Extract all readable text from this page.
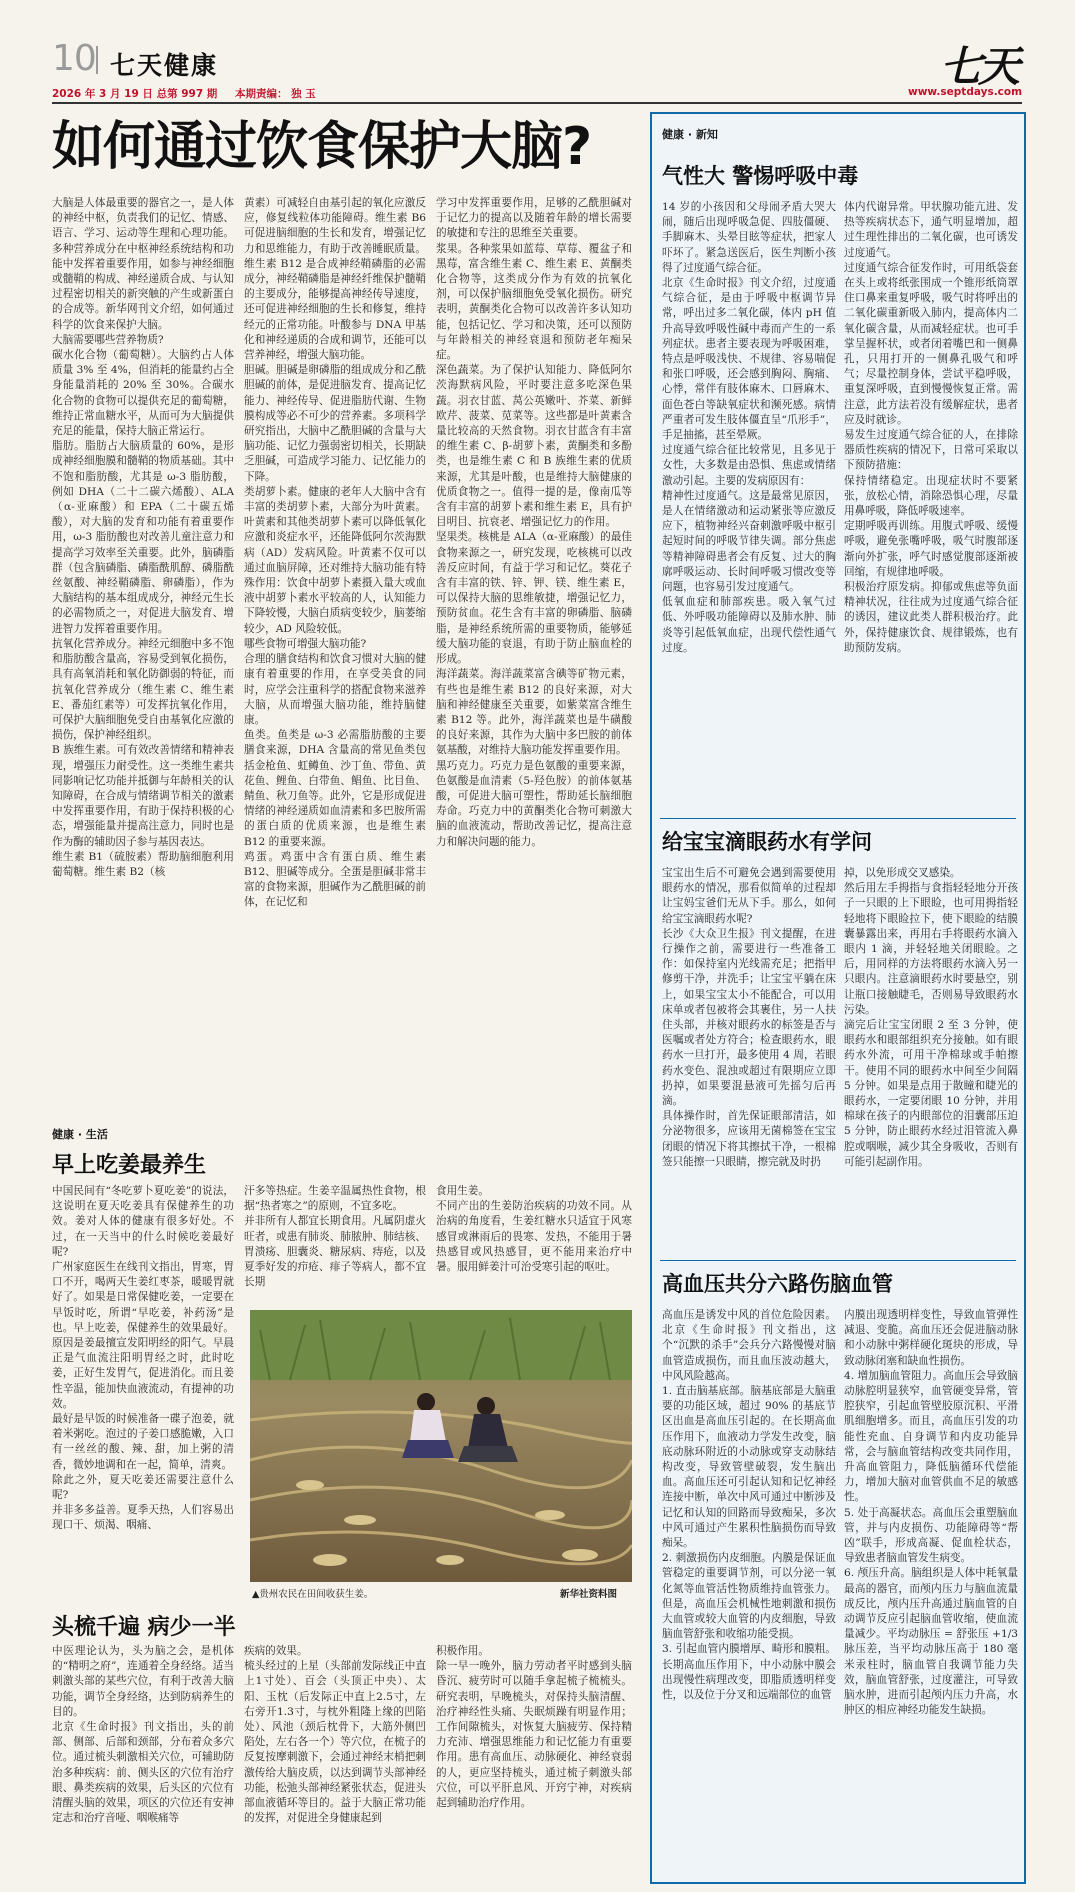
10 七天健康
2026 年 3 月 19 日 总第 997 期 本期责编： 独 玉
七天
www.septdays.com
如何通过饮食保护大脑?
大脑是人体最重要的器官之一，是人体的神经中枢，负责我们的记忆、情感、语言、学习、运动等生理和心理功能。多种营养成分在中枢神经系统结构和功能中发挥着重要作用，如参与神经细胞或髓鞘的构成、神经递质合成、与认知过程密切相关的新突触的产生或新蛋白的合成等。新华网刊文介绍，如何通过科学的饮食来保护大脑。
大脑需要哪些营养物质?
碳水化合物（葡萄糖）。大脑约占人体质量 3% 至 4%，但消耗的能量约占全身能量消耗的 20% 至 30%。合碳水化合物的食物可以提供充足的葡萄糖，维持正常血糖水平，从而可为大脑提供充足的能量，保持大脑正常运行。
脂肪。脂肪占大脑质量的 60%，是形成神经细胞膜和髓鞘的物质基础。其中不饱和脂肪酸，尤其是 ω-3 脂肪酸，例如 DHA（二十二碳六烯酸）、ALA（α-亚麻酸）和 EPA（二十碳五烯酸），对大脑的发育和功能有着重要作用，ω-3 脂肪酸也对改善儿童注意力和提高学习效率至关重要。此外，脑磷脂群（包含脑磷脂、磷脂酰肌醇、磷脂酰丝氨酸、神经鞘磷脂、卵磷脂），作为大脑结构的基本组成成分，神经元生长的必需物质之一，对促进大脑发育、增进智力发挥着重要作用。
抗氧化营养成分。神经元细胞中多不饱和脂肪酸含量高，容易受到氧化损伤，具有高氧消耗和氧化防御弱的特征，而抗氧化营养成分（维生素 C、维生素 E、番茄红素等）可发挥抗氧化作用，可保护大脑细胞免受自由基氧化应激的损伤，保护神经组织。
B 族维生素。可有效改善情绪和精神表现，增强压力耐受性。这一类维生素共同影响记忆功能并抵御与年龄相关的认知障碍，在合成与情绪调节相关的激素中发挥重要作用，有助于保持积极的心态，增强能量并提高注意力，同时也是作为酶的辅助因子参与基因表达。
维生素 B1（硫胺素）帮助脑细胞利用葡萄糖。维生素 B2（核
黄素）可减轻自由基引起的氧化应激反应，修复线粒体功能障碍。维生素 B6 可促进脑细胞的生长和发育，增强记忆力和思维能力，有助于改善睡眠质量。维生素 B12 是合成神经鞘磷脂的必需成分，神经鞘磷脂是神经纤维保护髓鞘的主要成分，能够提高神经传导速度，还可促进神经细胞的生长和修复，维持经元的正常功能。叶酸参与 DNA 甲基化和神经递质的合成和调节，还能可以营养神经，增强大脑功能。
胆碱。胆碱是卵磷脂的组成成分和乙酰胆碱的前体，是促进脑发育、提高记忆能力、神经传导、促进脂肪代谢、生物膜构成等必不可少的营养素。多项科学研究指出，大脑中乙酰胆碱的含量与大脑功能、记忆力强弱密切相关，长期缺乏胆碱，可造成学习能力、记忆能力的下降。
类胡萝卜素。健康的老年人大脑中含有丰富的类胡萝卜素，大部分为叶黄素。叶黄素和其他类胡萝卜素可以降低氧化应激和炎症水平，还能降低阿尔茨海默病（AD）发病风险。叶黄素不仅可以通过血脑屏障，还对维持大脑功能有特殊作用：饮食中胡萝卜素摄入量大或血液中胡萝卜素水平较高的人，认知能力下降较慢，大脑白质病变较少，脑萎缩较少，AD 风险较低。
哪些食物可增强大脑功能?
合理的膳食结构和饮食习惯对大脑的健康有着重要的作用，在享受美食的同时，应学会注重科学的搭配食物来滋养大脑，从而增强大脑功能，维持脑健康。
鱼类。鱼类是 ω-3 必需脂肪酸的主要膳食来源，DHA 含量高的常见鱼类包括金枪鱼、虹鳟鱼、沙丁鱼、带鱼、黄花鱼、鲤鱼、白带鱼、鲳鱼、比目鱼、鲭鱼、秋刀鱼等。此外，它是形成促进情绪的神经递质如血清素和多巴胺所需的蛋白质的优质来源，也是维生素 B12 的重要来源。
鸡蛋。鸡蛋中含有蛋白质、维生素 B12、胆碱等成分。全蛋是胆碱非常丰富的食物来源，胆碱作为乙酰胆碱的前体，在记忆和
学习中发挥重要作用，足够的乙酰胆碱对于记忆力的提高以及随着年龄的增长需要的敏捷和专注的思维至关重要。
浆果。各种浆果如蓝莓、草莓、覆盆子和黑莓，富含维生素 C、维生素 E、黄酮类化合物等，这类成分作为有效的抗氧化剂，可以保护脑细胞免受氧化损伤。研究表明，黄酮类化合物可以改善许多认知功能，包括记忆、学习和决策，还可以预防与年龄相关的神经衰退和预防老年痴呆症。
深色蔬菜。为了保护认知能力、降低阿尔茨海默病风险，平时要注意多吃深色果蔬。羽衣甘蓝、莴公英嫩叶、芥菜、新鲜欧芹、菠菜、苋菜等。这些都是叶黄素含量比较高的天然食物。羽衣甘蓝含有丰富的维生素 C、β-胡萝卜素，黄酮类和多酚类，也是维生素 C 和 B 族维生素的优质来源，尤其是叶酸，也是维持大脑健康的优质食物之一。值得一提的是，像南瓜等含有丰富的胡萝卜素和维生素 E，具有护目明目、抗衰老、增强记忆力的作用。
坚果类。核桃是 ALA（α-亚麻酸）的最佳食物来源之一，研究发现，吃核桃可以改善反应时间，有益于学习和记忆。葵花子含有丰富的铁、锌、钾、镁、维生素 E，可以保持大脑的思维敏捷，增强记忆力，预防贫血。花生含有丰富的卵磷脂、脑磷脂，是神经系统所需的重要物质，能够延缓大脑功能的衰退，有助于防止脑血栓的形成。
海洋蔬菜。海洋蔬菜富含碘等矿物元素，有些也是维生素 B12 的良好来源，对大脑和神经健康至关重要，如紫菜富含维生素 B12 等。此外，海洋蔬菜也是牛磺酸的良好来源，其作为大脑中多巴胺的前体氨基酸，对维持大脑功能发挥重要作用。
黑巧克力。巧克力是色氨酸的重要来源，色氨酸是血清素（5-羟色胺）的前体氨基酸，可促进大脑可塑性，帮助延长脑细胞寿命。巧克力中的黄酮类化合物可刺激大脑的血液流动，帮助改善记忆，提高注意力和解决问题的能力。
健康 · 生活
早上吃姜最养生
中国民间有“冬吃萝卜夏吃姜”的说法，这说明在夏天吃姜具有保健养生的功效。姜对人体的健康有很多好处。不过，在一天当中的什么时候吃姜最好呢?
广州家庭医生在线刊文指出，胃寒，胃口不开，喝两天生姜红枣茶，暖暖胃就好了。如果是日常保健吃姜，一定要在早饭时吃，所谓“早吃姜，补药汤”是也。早上吃姜，保健养生的效果最好。原因是姜最擅宣发阳明经的阳气。早晨正是气血流注阳明胃经之时，此时吃姜，正好生发胃气，促进消化。而且姜性辛温，能加快血液流动，有提神的功效。
最好是早饭的时候准备一碟子泡姜，就着米粥吃。泡过的子姜口感脆嫩，入口有一丝丝的酸、辣、甜，加上粥的清香，微妙地调和在一起，简单，清爽。
除此之外，夏天吃姜还需要注意什么呢?
并非多多益善。夏季天热，人们容易出现口干、烦渴、咽痛、
汗多等热症。生姜辛温属热性食物，根据“热者寒之”的原则，不宜多吃。
并非所有人都宜长期食用。凡属阴虚火旺者，或患有肺炎、肺脓肿、肺结核、胃溃疡、胆囊炎、糖尿病、痔疮，以及夏季好发的疖疮、痱子等病人，都不宜长期
食用生姜。
不同产出的生姜防治疾病的功效不同。从治病的角度看，生姜红糖水只适宜于风寒感冒或淋雨后的畏寒、发热，不能用于暑热感冒或风热感冒，更不能用来治疗中暑。服用鲜姜汁可治受寒引起的呕吐。
▲贵州农民在田间收获生姜。	新华社资料图
头梳千遍 病少一半
中医理论认为，头为脑之会，是机体的“精明之府”，连通着全身经络。适当刺激头部的某些穴位，有利于改善大脑功能，调节全身经络，达到防病养生的目的。
北京《生命时报》刊文指出，头的前部、侧部、后部和颈部，分布着众多穴位。通过梳头刺激相关穴位，可辅助防治多种疾病：前、侧头区的穴位有治疗眼、鼻类疾病的效果，后头区的穴位有清醒头脑的效果，项区的穴位还有安神定志和治疗音哑、咽喉痛等
疾病的效果。
梳头经过的上星（头部前发际线正中直上1寸处）、百会（头顶正中央）、太阳、玉枕（后发际正中直上2.5寸，左右旁开1.3寸，与枕外粗隆上缘的凹陷处）、风池（颈后枕骨下，大筋外侧凹陷处，左右各一个）等穴位，在梳子的反复按摩刺激下，会通过神经末梢把刺激传给大脑皮质，以达到调节头部神经功能，松弛头部神经紧张状态，促进头部血液循环等目的。益于大脑正常功能的发挥，对促进全身健康起到
积极作用。
除一早一晚外，脑力劳动者平时感到头脑昏沉、疲劳时可以随手拿起梳子梳梳头。研究表明，早晚梳头，对保持头脑清醒、治疗神经性头痛、失眠烦躁有明显作用；工作间隙梳头，对恢复大脑疲劳、保持精力充沛、增强思维能力和记忆能力有重要作用。患有高血压、动脉硬化、神经衰弱的人，更应坚持梳头，通过梳子刺激头部穴位，可以平肝息风、开窍宁神，对疾病起到辅助治疗作用。
健康 · 新知
气性大 警惕呼吸中毒
14 岁的小孩因和父母闹矛盾大哭大闹，随后出现呼吸急促、四肢僵硬、手脚麻木、头晕目眩等症状，把家人吓坏了。紧急送医后，医生判断小孩得了过度通气综合征。
北京《生命时报》刊文介绍，过度通气综合征，是由于呼吸中枢调节异常，呼出过多二氧化碳，体内 pH 值升高导致呼吸性碱中毒而产生的一系列症状。患者主要表现为呼吸困难，特点是呼吸浅快、不规律、容易喘促和张口呼吸，还会感到胸闷、胸痛、心悸，常伴有肢体麻木、口唇麻木、面色苍白等缺氧症状和濒死感。病情严重者可发生肢体僵直呈“爪形手”，手足抽搐，甚至晕厥。
过度通气综合征比较常见，且多见于女性，大多数是由恐惧、焦虑或情绪激动引起。主要的发病原因有：
精神性过度通气。这是最常见原因，是人在情绪激动和运动紧张等应激反应下，植物神经兴奋刺激呼吸中枢引起短时间的呼吸节律失调。部分焦虑等精神障碍患者会有反复、过大的胸廓呼吸运动、长时间呼吸习惯改变等问题，也容易引发过度通气。
低氧血症和肺部疾患。吸入氧气过低、外呼吸功能障碍以及肺水肿、肺炎等引起低氧血症，出现代偿性通气过度。
体内代谢异常。甲状腺功能亢进、发热等疾病状态下，通气明显增加，超过生理性排出的二氧化碳，也可诱发过度通气。
过度通气综合征发作时，可用纸袋套在头上或将纸张围成一个锥形纸筒罩住口鼻来重复呼吸，吸气时将呼出的二氧化碳重新吸入肺内，提高体内二氧化碳含量，从而减轻症状。也可手掌呈握杯状，或者闭着嘴巴和一侧鼻孔，只用打开的一侧鼻孔吸气和呼气；尽量控制身体，尝试平稳呼吸，重复深呼吸，直到慢慢恢复正常。需注意，此方法若没有缓解症状，患者应及时就诊。
易发生过度通气综合征的人，在排除器质性疾病的情况下，日常可采取以下预防措施：
保持情绪稳定。出现症状时不要紧张，放松心情，消除恐惧心理，尽量用鼻呼吸，降低呼吸速率。
定期呼吸再训练。用腹式呼吸、缓慢呼吸，避免张嘴呼吸，吸气时腹部逐渐向外扩张，呼气时感觉腹部逐渐被回缩，有规律地呼吸。
积极治疗原发病。抑郁或焦虑等负面精神状况，往往成为过度通气综合征的诱因，建议此类人群积极治疗。此外，保持健康饮食、规律锻炼，也有助预防发病。
给宝宝滴眼药水有学问
宝宝出生后不可避免会遇到需要使用眼药水的情况，那看似简单的过程却让宝妈宝爸们无从下手。那么，如何给宝宝滴眼药水呢?
长沙《大众卫生报》刊文提醒，在进行操作之前，需要进行一些准备工作：如保持室内光线需充足；把指甲修剪干净，并洗手；让宝宝平躺在床上，如果宝宝太小不能配合，可以用床单或者包被将会其裹住，另一人扶住头部，并核对眼药水的标签是否与医嘱或者处方符合；检查眼药水，眼药水一旦打开，最多使用 4 周，若眼药水变色、混浊或超过有限期应立即扔掉，如果要混悬液可先摇匀后再滴。
具体操作时，首先保证眼部清洁，如分泌物很多，应该用无菌棉签在宝宝闭眼的情况下将其擦拭干净，一根棉签只能擦一只眼睛，擦完就及时扔
掉，以免形成交叉感染。
然后用左手拇指与食指轻轻地分开孩子一只眼的上下眼睑，也可用拇指轻轻地将下眼睑拉下，使下眼睑的结膜囊暴露出来，再用右手将眼药水滴入眼内 1 滴，并轻轻地关闭眼睑。之后，用同样的方法将眼药水滴入另一只眼内。注意滴眼药水时要悬空，别让瓶口接触睫毛，否则易导致眼药水污染。
滴完后让宝宝闭眼 2 至 3 分钟，使眼药水和眼部组织充分接触。如有眼药水外流，可用干净棉球或手帕擦干。使用不同的眼药水中间至少间隔 5 分钟。如果是点用于散瞳和睫光的眼药水，一定要闭眼 10 分钟，并用棉球在孩子的内眼部位的泪囊部压迫 5 分钟，防止眼药水经过泪管流入鼻腔或咽喉，减少其全身吸收，否则有可能引起副作用。
高血压共分六路伤脑血管
高血压是诱发中风的首位危险因素。北京《生命时报》刊文指出，这个“沉默的杀手”会兵分六路慢慢对脑血管造成损伤，而且血压波动越大，中风风险越高。
1. 直击脑基底部。脑基底部是大脑重要的功能区域，超过 90% 的基底节区出血是高血压引起的。在长期高血压作用下，血液动力学发生改变，脑底动脉环附近的小动脉或穿支动脉结构改变，导致管壁破裂，发生脑出血。高血压还可引起认知和记忆神经连接中断，单次中风可通过中断涉及记忆和认知的回路而导致痴呆，多次中风可通过产生累积性脑损伤而导致痴呆。
2. 刺激损伤内皮细胞。内膜是保证血管稳定的重要调节剂，可以分泌一氧化氮等血管活性物质维持血管张力。但是，高血压会机械性地刺激和损伤大血管或较大血管的内皮细胞，导致脑血管舒张和收缩功能受损。
3. 引起血管内膜增厚、畸形和膜粗。长期高血压作用下，中小动脉中膜会出现慢性病理改变，即脂质透明样变性，以及位于分叉和远端部位的血管
内膜出现透明样变性，导致血管弹性减退、变脆。高血压还会促进脑动脉和小动脉中粥样硬化斑块的形成，导致动脉闭塞和缺血性损伤。
4. 增加脑血管阻力。高血压会导致脑动脉腔明显狭窄，血管硬变异常，管腔狭窄，引起血管壁胶原沉积、平滑肌细胞增多。而且，高血压引发的功能性充血、自身调节和内皮功能异常，会与脑血管结构改变共同作用，升高血管阻力，降低脑循环代偿能力，增加大脑对血管供血不足的敏感性。
5. 处于高凝状态。高血压会重塑脑血管，并与内皮损伤、功能障碍等“帮凶”联手，形成高凝、促血栓状态，导致患者脑血管发生病变。
6. 颅压升高。脑组织是人体中耗氧量最高的器官，而颅内压力与脑血流量成反比，颅内压升高通过脑血管的自动调节反应引起脑血管收缩，使血流量减少。平均动脉压 = 舒张压 +1/3 脉压差，当平均动脉压高于 180 毫米汞柱时，脑血管自我调节能力失效，脑血管舒张，过度灌注，可导致脑水肿，进而引起颅内压力升高，水肿区的相应神经功能发生缺损。
